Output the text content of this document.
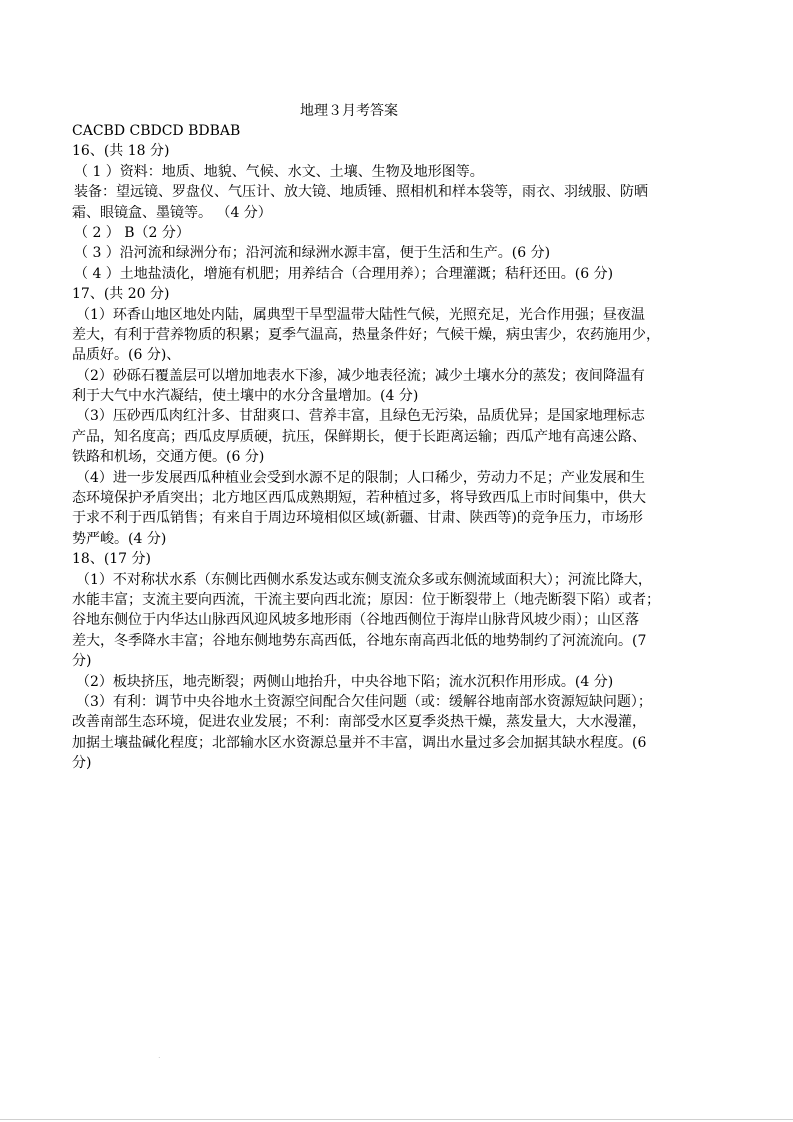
地理３月考答案
CACBD CBDCD BDBAB
16、(共 18 分)
（ 1 ）资料：地质、地貌、气候、水文、土壤、生物及地形图等。
装备：望远镜、罗盘仪、气压计、放大镜、地质锤、照相机和样本袋等，雨衣、羽绒服、防晒
霜、眼镜盒、墨镜等。 （4 分）
（ 2 ） B（2 分）
（ 3 ）沿河流和绿洲分布；沿河流和绿洲水源丰富，便于生活和生产。(6 分)
（ 4 ）土地盐渍化，增施有机肥；用养结合（合理用养）；合理灌溉；秸秆还田。(6 分)
17、(共 20 分)
（1）环香山地区地处内陆，属典型干旱型温带大陆性气候，光照充足，光合作用强；昼夜温
差大，有利于营养物质的积累；夏季气温高，热量条件好；气候干燥，病虫害少，农药施用少，
品质好。(6 分)、
（2）砂砾石覆盖层可以增加地表水下渗，减少地表径流；减少土壤水分的蒸发；夜间降温有
利于大气中水汽凝结，使土壤中的水分含量增加。(4 分)
（3）压砂西瓜肉红汁多、甘甜爽口、营养丰富，且绿色无污染，品质优异；是国家地理标志
产品，知名度高；西瓜皮厚质硬，抗压，保鲜期长，便于长距离运输；西瓜产地有高速公路、
铁路和机场，交通方便。(6 分)
（4）进一步发展西瓜种植业会受到水源不足的限制；人口稀少，劳动力不足；产业发展和生
态环境保护矛盾突出；北方地区西瓜成熟期短，若种植过多，将导致西瓜上市时间集中，供大
于求不利于西瓜销售；有来自于周边环境相似区域(新疆、甘肃、陕西等)的竞争压力，市场形
势严峻。(4 分)
18、(17 分)
（1）不对称状水系（东侧比西侧水系发达或东侧支流众多或东侧流域面积大）；河流比降大，
水能丰富；支流主要向西流，干流主要向西北流；原因：位于断裂带上（地壳断裂下陷）或者；
谷地东侧位于内华达山脉西风迎风坡多地形雨（谷地西侧位于海岸山脉背风坡少雨）；山区落
差大，冬季降水丰富；谷地东侧地势东高西低，谷地东南高西北低的地势制约了河流流向。(7
分)
（2）板块挤压，地壳断裂；两侧山地抬升，中央谷地下陷；流水沉积作用形成。(4 分)
（3）有利：调节中央谷地水土资源空间配合欠佳问题（或：缓解谷地南部水资源短缺问题）；
改善南部生态环境，促进农业发展；不利：南部受水区夏季炎热干燥，蒸发量大，大水漫灌，
加据土壤盐碱化程度；北部输水区水资源总量并不丰富，调出水量过多会加据其缺水程度。(6
分)
.
